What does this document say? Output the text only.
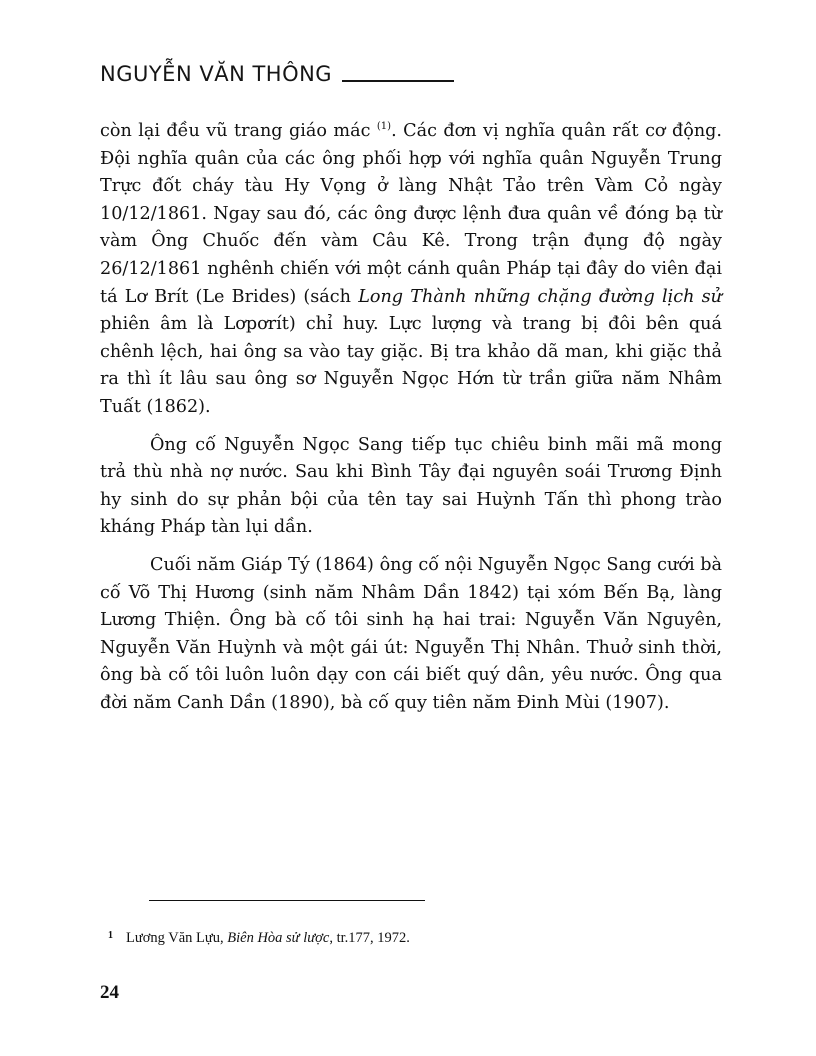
NGUYỄN VĂN THÔNG

còn lại đều vũ trang giáo mác $^{(1)}$. Các đơn vị nghĩa quân rất cơ động. Đội nghĩa quân của các ông phối hợp với nghĩa quân Nguyễn Trung Trực đốt cháy tàu Hy Vọng ở làng Nhật Tảo trên Vàm Cỏ ngày 10/12/1861. Ngay sau đó, các ông được lệnh đưa quân về đóng bạ từ vàm Ông Chuốc đến vàm Câu Kê. Trong trận đụng độ ngày 26/12/1861 nghênh chiến với một cánh quân Pháp tại đây do viên đại tá Lơ Brít (Le Brides) (sách Long Thành những chặng đường lịch sử phiên âm là Lơpơrít) chỉ huy. Lực lượng và trang bị đôi bên quá chênh lệch, hai ông sa vào tay giặc. Bị tra khảo dã man, khi giặc thả ra thì ít lâu sau ông sơ Nguyễn Ngọc Hớn từ trần giữa năm Nhâm Tuất (1862).

Ông cố Nguyễn Ngọc Sang tiếp tục chiêu binh mãi mã mong trả thù nhà nợ nước. Sau khi Bình Tây đại nguyên soái Trương Định hy sinh do sự phản bội của tên tay sai Huỳnh Tấn thì phong trào kháng Pháp tàn lụi dần.

Cuối năm Giáp Tý (1864) ông cố nội Nguyễn Ngọc Sang cưới bà cố Võ Thị Hương (sinh năm Nhâm Dần 1842) tại xóm Bến Bạ, làng Lương Thiện. Ông bà cố tôi sinh hạ hai trai: Nguyễn Văn Nguyên, Nguyễn Văn Huỳnh và một gái út: Nguyễn Thị Nhân. Thuở sinh thời, ông bà cố tôi luôn luôn dạy con cái biết quý dân, yêu nước. Ông qua đời năm Canh Dần (1890), bà cố quy tiên năm Đinh Mùi (1907).

1 Lương Văn Lựu, Biên Hòa sử lược, tr.177, 1972.
24
